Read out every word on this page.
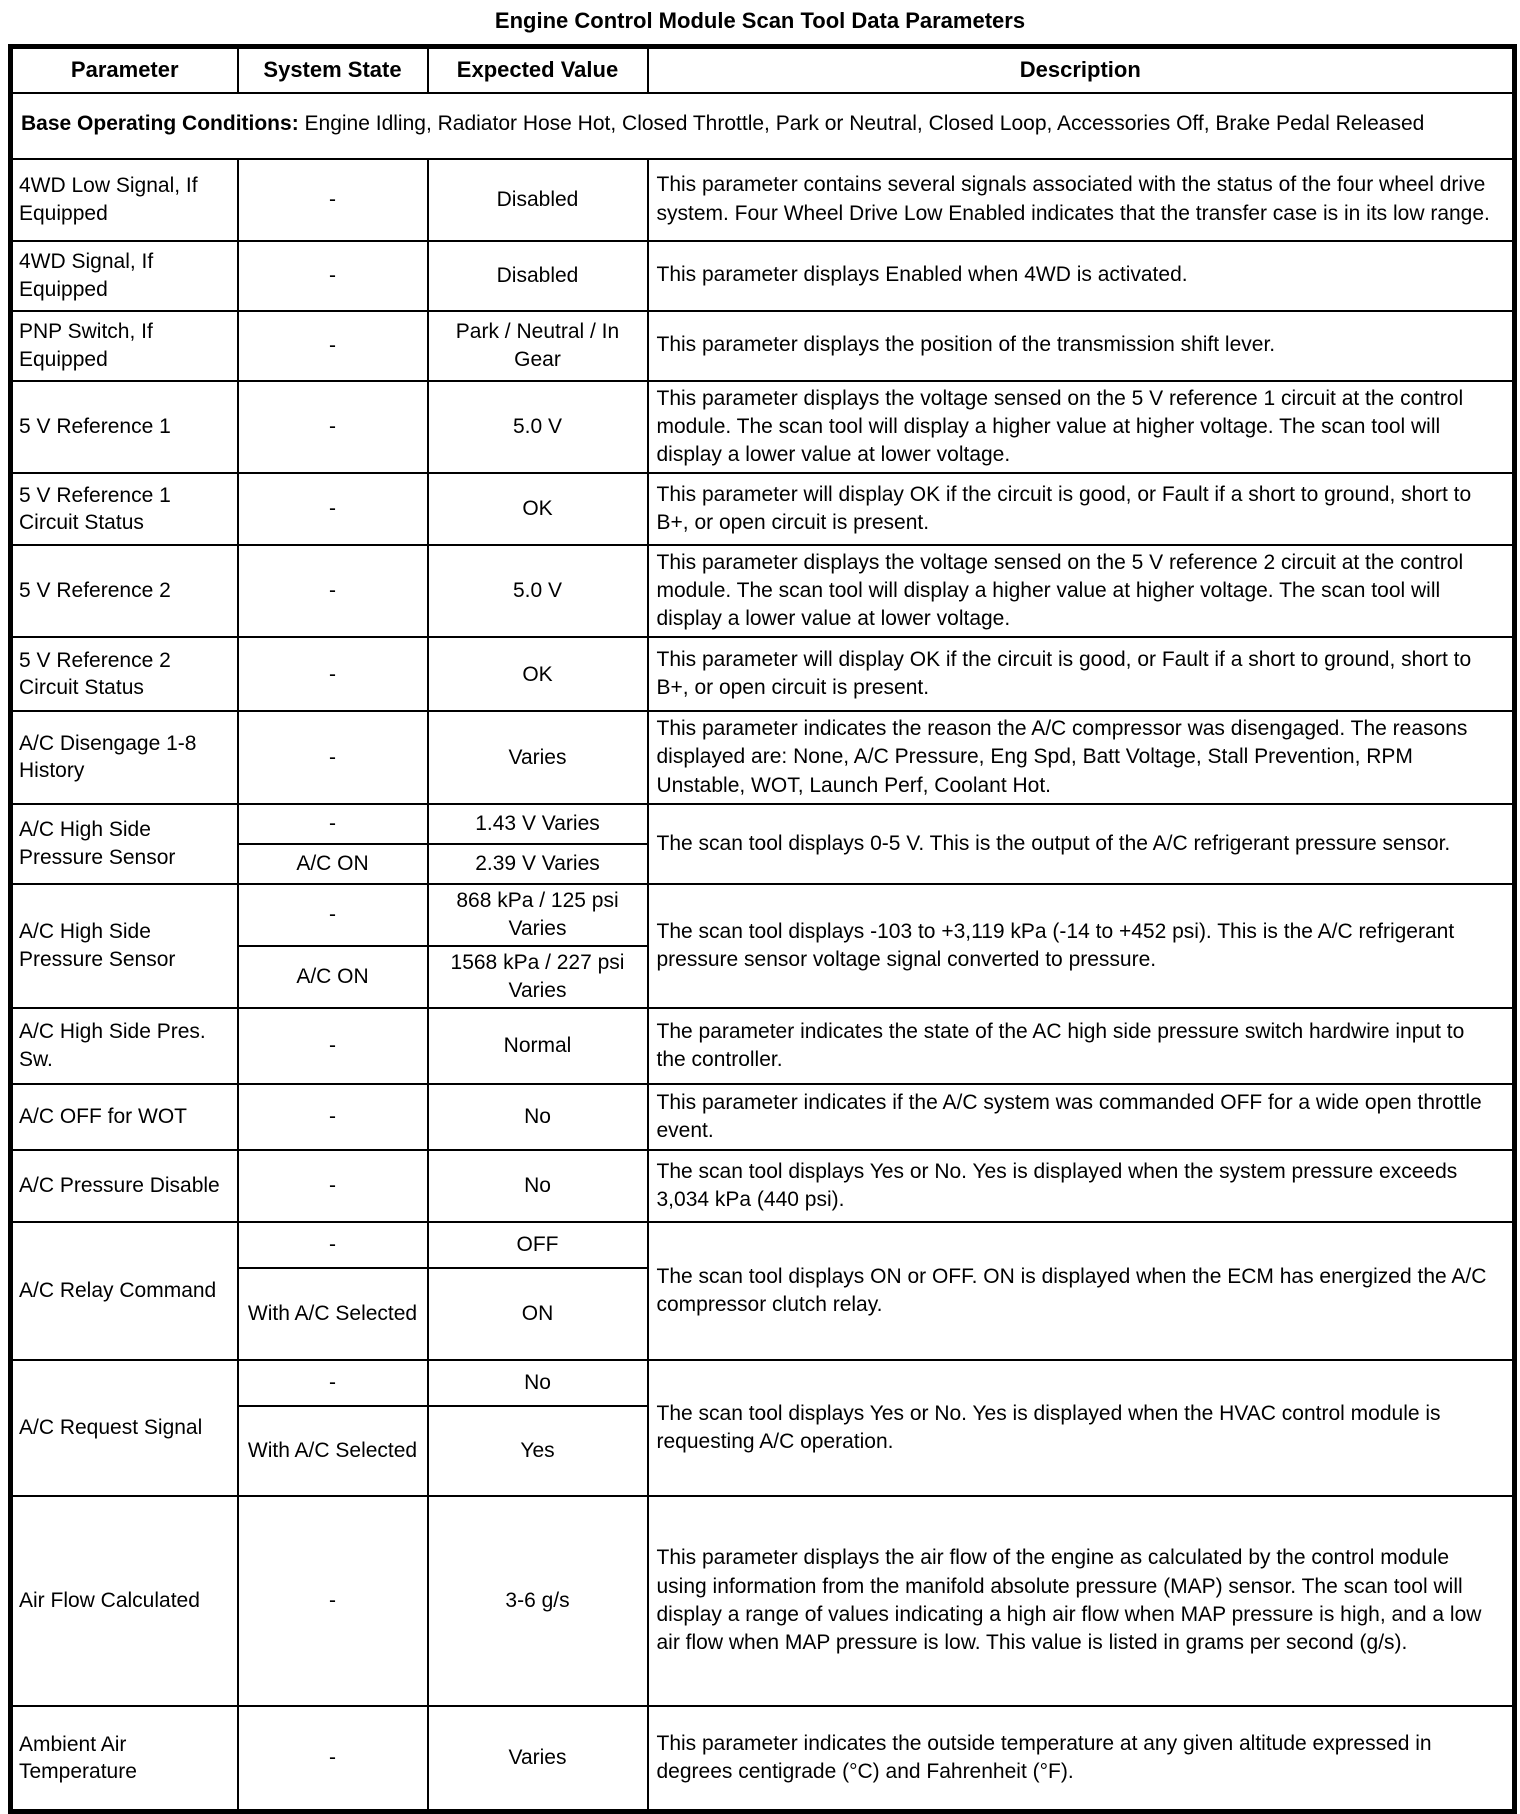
Engine Control Module Scan Tool Data Parameters
Parameter	System State	Expected Value	Description
Base Operating Conditions: Engine Idling, Radiator Hose Hot, Closed Throttle, Park or Neutral, Closed Loop, Accessories Off, Brake Pedal Released			
4WD Low Signal, If Equipped	-	Disabled	This parameter contains several signals associated with the status of the four wheel drive system. Four Wheel Drive Low Enabled indicates that the transfer case is in its low range.
4WD Signal, If Equipped	-	Disabled	This parameter displays Enabled when 4WD is activated.
PNP Switch, If Equipped	-	Park / Neutral / In Gear	This parameter displays the position of the transmission shift lever.
5 V Reference 1	-	5.0 V	This parameter displays the voltage sensed on the 5 V reference 1 circuit at the control module. The scan tool will display a higher value at higher voltage. The scan tool will display a lower value at lower voltage.
5 V Reference 1 Circuit Status	-	OK	This parameter will display OK if the circuit is good, or Fault if a short to ground, short to B+, or open circuit is present.
5 V Reference 2	-	5.0 V	This parameter displays the voltage sensed on the 5 V reference 2 circuit at the control module. The scan tool will display a higher value at higher voltage. The scan tool will display a lower value at lower voltage.
5 V Reference 2 Circuit Status	-	OK	This parameter will display OK if the circuit is good, or Fault if a short to ground, short to B+, or open circuit is present.
A/C Disengage 1-8 History	-	Varies	This parameter indicates the reason the A/C compressor was disengaged. The reasons displayed are: None, A/C Pressure, Eng Spd, Batt Voltage, Stall Prevention, RPM Unstable, WOT, Launch Perf, Coolant Hot.
A/C High Side Pressure Sensor	-	1.43 V Varies	The scan tool displays 0-5 V. This is the output of the A/C refrigerant pressure sensor.
	A/C ON	2.39 V Varies	
A/C High Side Pressure Sensor	-	868 kPa / 125 psi Varies	The scan tool displays -103 to +3,119 kPa (-14 to +452 psi). This is the A/C refrigerant pressure sensor voltage signal converted to pressure.
	A/C ON	1568 kPa / 227 psi Varies	
A/C High Side Pres. Sw.	-	Normal	The parameter indicates the state of the AC high side pressure switch hardwire input to the controller.
A/C OFF for WOT	-	No	This parameter indicates if the A/C system was commanded OFF for a wide open throttle event.
A/C Pressure Disable	-	No	The scan tool displays Yes or No. Yes is displayed when the system pressure exceeds 3,034 kPa (440 psi).
A/C Relay Command	-	OFF	The scan tool displays ON or OFF. ON is displayed when the ECM has energized the A/C compressor clutch relay.
	With A/C Selected	ON	
A/C Request Signal	-	No	The scan tool displays Yes or No. Yes is displayed when the HVAC control module is requesting A/C operation.
	With A/C Selected	Yes	
Air Flow Calculated	-	3-6 g/s	This parameter displays the air flow of the engine as calculated by the control module using information from the manifold absolute pressure (MAP) sensor. The scan tool will display a range of values indicating a high air flow when MAP pressure is high, and a low air flow when MAP pressure is low. This value is listed in grams per second (g/s).
Ambient Air Temperature	-	Varies	This parameter indicates the outside temperature at any given altitude expressed in degrees centigrade (°C) and Fahrenheit (°F).
